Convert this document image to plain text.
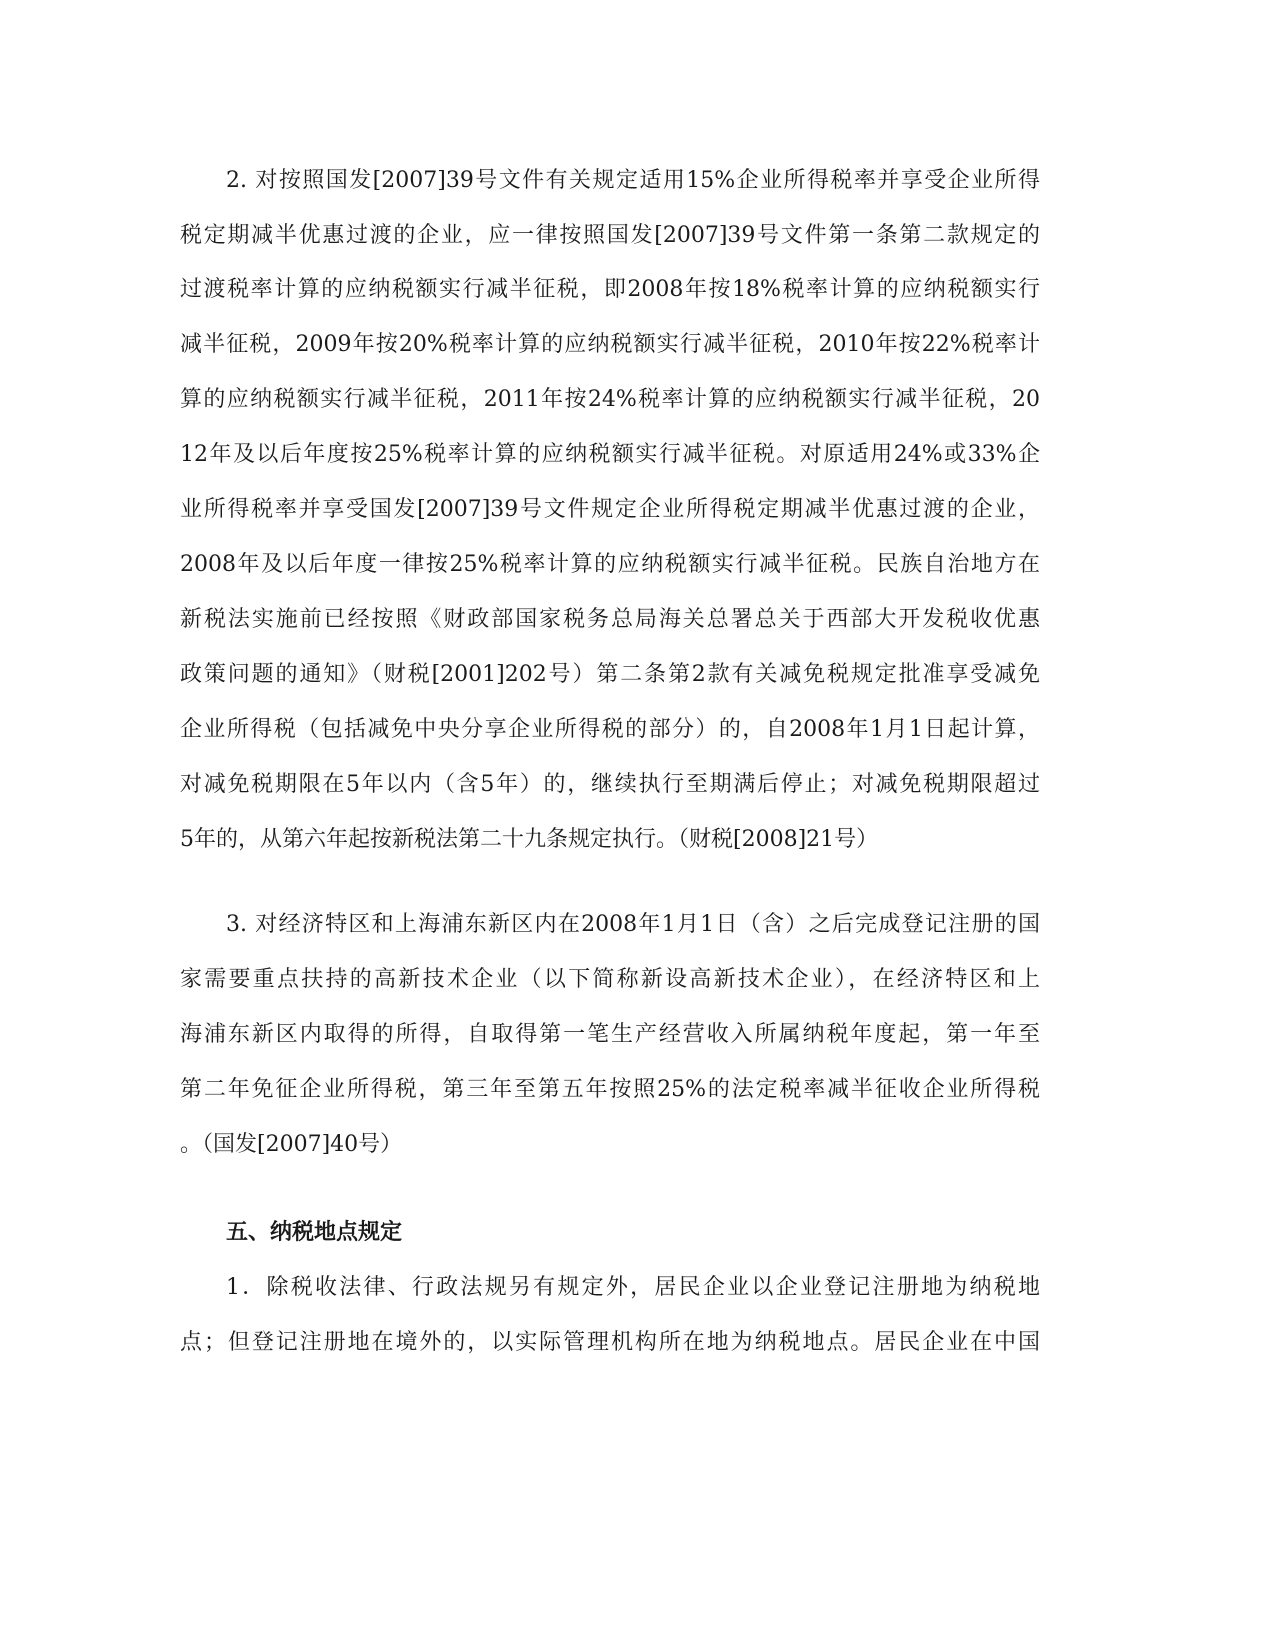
2. 对按照国发[2007]39号文件有关规定适用15%企业所得税率并享受企业所得
税定期减半优惠过渡的企业，应一律按照国发[2007]39号文件第一条第二款规定的
过渡税率计算的应纳税额实行减半征税，即2008年按18%税率计算的应纳税额实行
减半征税，2009年按20%税率计算的应纳税额实行减半征税，2010年按22%税率计
算的应纳税额实行减半征税，2011年按24%税率计算的应纳税额实行减半征税，20
12年及以后年度按25%税率计算的应纳税额实行减半征税。对原适用24%或33%企
业所得税率并享受国发[2007]39号文件规定企业所得税定期减半优惠过渡的企业，
2008年及以后年度一律按25%税率计算的应纳税额实行减半征税。民族自治地方在
新税法实施前已经按照《财政部国家税务总局海关总署总关于西部大开发税收优惠
政策问题的通知》（财税[2001]202号）第二条第2款有关减免税规定批准享受减免
企业所得税（包括减免中央分享企业所得税的部分）的，自2008年1月1日起计算，
对减免税期限在5年以内（含5年）的，继续执行至期满后停止；对减免税期限超过
5年的，从第六年起按新税法第二十九条规定执行。（财税[2008]21号）
3. 对经济特区和上海浦东新区内在2008年1月1日（含）之后完成登记注册的国
家需要重点扶持的高新技术企业（以下简称新设高新技术企业），在经济特区和上
海浦东新区内取得的所得，自取得第一笔生产经营收入所属纳税年度起，第一年至
第二年免征企业所得税，第三年至第五年按照25%的法定税率减半征收企业所得税
。（国发[2007]40号）
五、纳税地点规定
1．除税收法律、行政法规另有规定外，居民企业以企业登记注册地为纳税地
点；但登记注册地在境外的，以实际管理机构所在地为纳税地点。居民企业在中国
